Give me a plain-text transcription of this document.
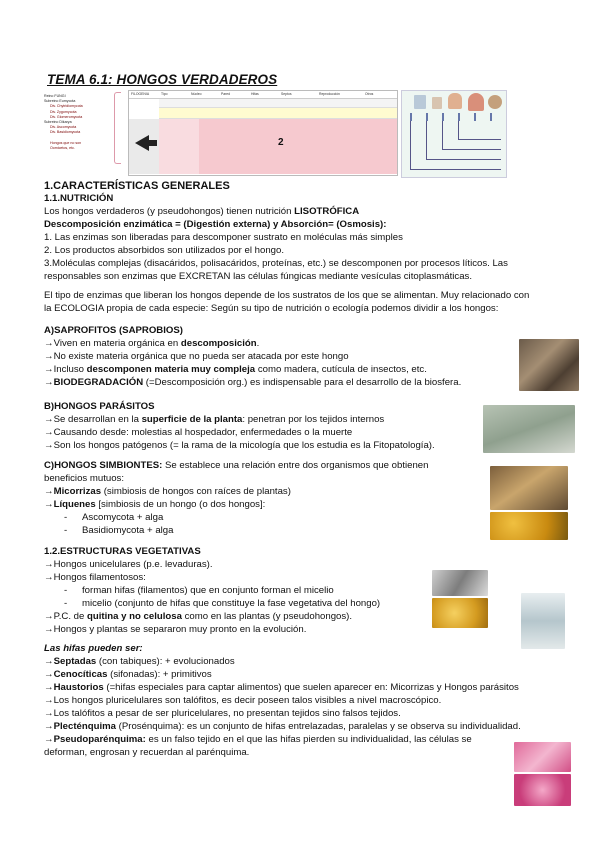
TEMA 6.1: HONGOS VERDADEROS
Reino FUNGI
Subreino Eumycota
Div. Chytridiomycota
Div. Zygomycota
Div. Glomeromycota
Subreino Dikarya
Div. Ascomycota
Div. Basidiomycota
Hongos que no son
Oomicetos, etc.
FILOGENIA	Tipo	Núcleo	Pared	Hifas	Septos	Reproducción	Otros
2
1.CARACTERÍSTICAS GENERALES
1.1.NUTRICIÓN
Los hongos verdaderos (y pseudohongos) tienen nutrición LISOTRÓFICA
Descomposición enzimática = (Digestión externa) y Absorción= (Osmosis):
1. Las enzimas son liberadas para descomponer sustrato en moléculas más simples
2. Los productos absorbidos son utilizados por el hongo.
3.Moléculas complejas (disacáridos, polisacáridos, proteínas, etc.) se descomponen por procesos líticos. Las
responsables son enzimas que EXCRETAN las células fúngicas mediante vesículas citoplasmáticas.
El tipo de enzimas que liberan los hongos depende de los sustratos de los que se alimentan. Muy relacionado con
la ECOLOGIA propia de cada especie: Según su tipo de nutrición o ecología podemos dividir a los hongos:
A)SAPROFITOS (SAPROBIOS)
→Viven en materia orgánica en descomposición.
→No existe materia orgánica que no pueda ser atacada por este hongo
→Incluso descomponen materia muy compleja como madera, cutícula de insectos, etc.
→BIODEGRADACIÓN (=Descomposición org.) es indispensable para el desarrollo de la biosfera.
B)HONGOS PARÁSITOS
→Se desarrollan en la superficie de la planta: penetran por los tejidos internos
→Causando desde: molestias al hospedador, enfermedades o la muerte
→Son los hongos patógenos (= la rama de la micología que los estudia es la Fitopatología).
C)HONGOS SIMBIONTES: Se establece una relación entre dos organismos que obtienen
beneficios mutuos:
→Micorrizas (simbiosis de hongos con raíces de plantas)
→Líquenes [simbiosis de un hongo (o dos hongos]:
- Ascomycota + alga
- Basidiomycota + alga
1.2.ESTRUCTURAS VEGETATIVAS
→Hongos unicelulares (p.e. levaduras).
→Hongos filamentosos:
- forman hifas (filamentos) que en conjunto forman el micelio
- micelio (conjunto de hifas que constituye la fase vegetativa del hongo)
→P.C. de quitina y no celulosa como en las plantas (y pseudohongos).
→Hongos y plantas se separaron muy pronto en la evolución.
Las hifas pueden ser:
→Septadas (con tabiques): + evolucionados
→Cenocíticas (sifonadas): + primitivos
→Haustorios (=hifas especiales para captar alimentos) que suelen aparecer en: Micorrizas y Hongos parásitos
→Los hongos pluricelulares son talófitos, es decir poseen talos visibles a nivel macroscópico.
→Los talófitos a pesar de ser pluricelulares, no presentan tejidos sino falsos tejidos.
→Plecténquima (Prosénquima): es un conjunto de hifas entrelazadas, paralelas y se observa su individualidad.
→Pseudoparénquima: es un falso tejido en el que las hifas pierden su individualidad, las células se
deforman, engrosan y recuerdan al parénquima.
